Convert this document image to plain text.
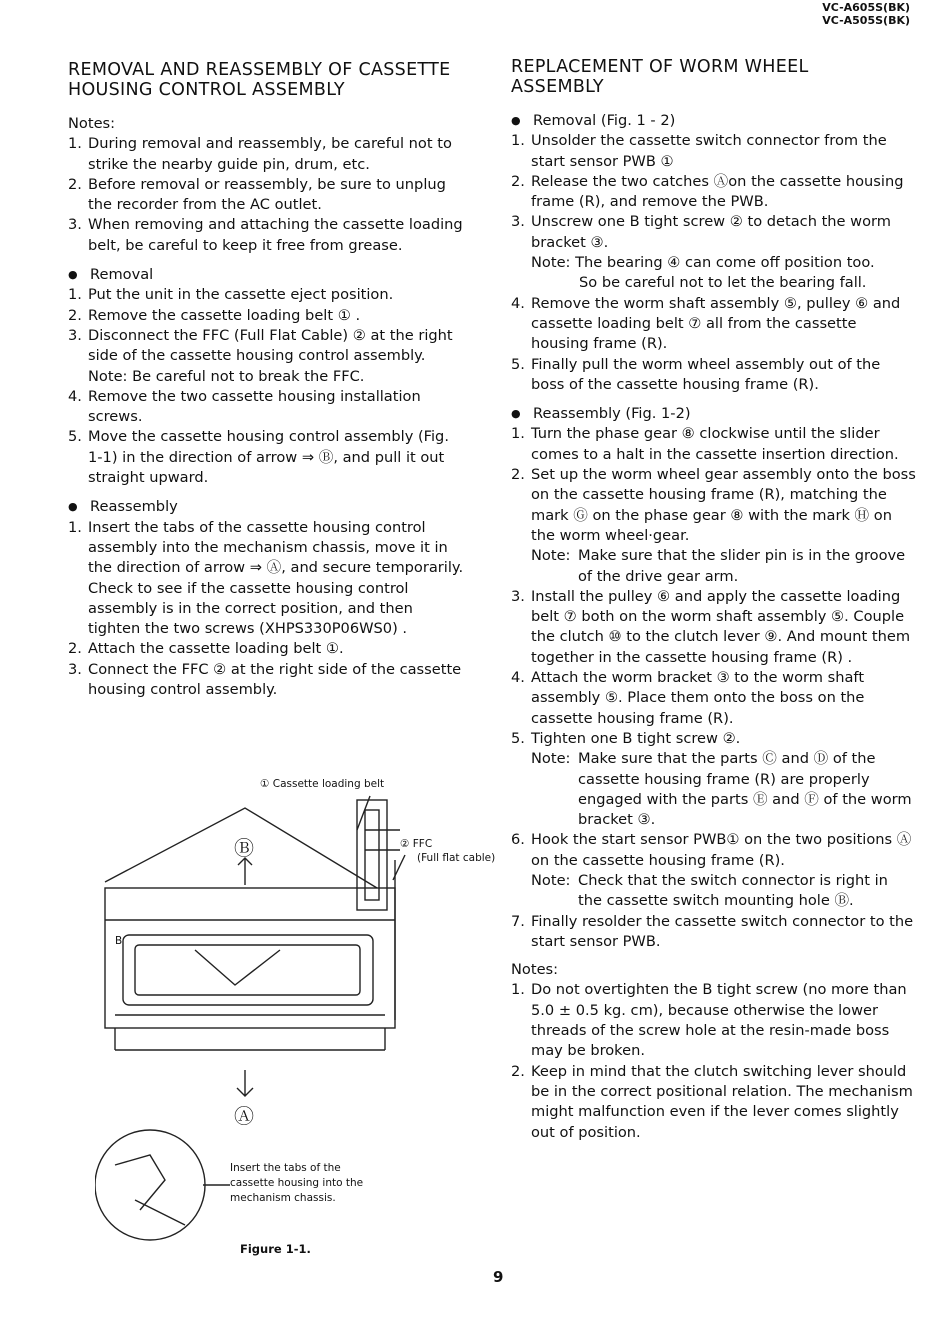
VC-A605S(BK)
VC-A505S(BK)
REMOVAL AND REASSEMBLY OF CASSETTE
HOUSING CONTROL ASSEMBLY

Notes:

1. During removal and reassembly, be careful not to strike the nearby guide pin, drum, etc.

2. Before removal or reassembly, be sure to unplug the recorder from the AC outlet.

3. When removing and attaching the cassette loading belt, be careful to keep it free from grease.

● Removal

1. Put the unit in the cassette eject position.

2. Remove the cassette loading belt ① .

3. Disconnect the FFC (Full Flat Cable) ② at the right side of the cassette housing control assembly.

Note: Be careful not to break the FFC.

4. Remove the two cassette housing installation screws.

5. Move the cassette housing control assembly (Fig. 1-1) in the direction of arrow ⇒ Ⓑ, and pull it out straight upward.

● Reassembly

1. Insert the tabs of the cassette housing control assembly into the mechanism chassis, move it in the direction of arrow ⇒ Ⓐ, and secure temporarily.

Check to see if the cassette housing control assembly is in the correct position, and then tighten the two screws (XHPS330P06WS0) .

2. Attach the cassette loading belt ①.

3. Connect the FFC ② at the right side of the cassette housing control assembly.

① Cassette loading belt
② FFC
(Full flat cable)
Ⓑ
Ⓐ
B
Insert the tabs of the
cassette housing into the
mechanism chassis.
Figure 1-1.
REPLACEMENT OF WORM WHEEL
ASSEMBLY

● Removal (Fig. 1 - 2)

1. Unsolder the cassette switch connector from the start sensor PWB ①

2. Release the two catches Ⓐon the cassette housing frame (R), and remove the PWB.

3. Unscrew one B tight screw ② to detach the worm bracket ③.

Note: The bearing ④ can come off position too.

So be careful not to let the bearing fall.

4. Remove the worm shaft assembly ⑤, pulley ⑥ and cassette loading belt ⑦ all from the cassette housing frame (R).

5. Finally pull the worm wheel assembly out of the boss of the cassette housing frame (R).

● Reassembly (Fig. 1-2)

1. Turn the phase gear ⑧ clockwise until the slider comes to a halt in the cassette insertion direction.

2. Set up the worm wheel gear assembly onto the boss on the cassette housing frame (R), matching the mark Ⓖ on the phase gear ⑧ with the mark Ⓗ on the worm wheel·gear.

Note: Make sure that the slider pin is in the groove of the drive gear arm.

3. Install the pulley ⑥ and apply the cassette loading belt ⑦ both on the worm shaft assembly ⑤. Couple the clutch ⑩ to the clutch lever ⑨. And mount them together in the cassette housing frame (R) .

4. Attach the worm bracket ③ to the worm shaft assembly ⑤. Place them onto the boss on the cassette housing frame (R).

5. Tighten one B tight screw ②.

Note: Make sure that the parts Ⓒ and Ⓓ of the cassette housing frame (R) are properly engaged with the parts Ⓔ and Ⓕ of the worm bracket ③.

6. Hook the start sensor PWB① on the two positions Ⓐ on the cassette housing frame (R).

Note: Check that the switch connector is right in the cassette switch mounting hole Ⓑ.

7. Finally resolder the cassette switch connector to the start sensor PWB.

Notes:

1. Do not overtighten the B tight screw (no more than 5.0 ± 0.5 kg. cm), because otherwise the lower threads of the screw hole at the resin-made boss may be broken.

2. Keep in mind that the clutch switching lever should be in the correct positional relation. The mechanism might malfunction even if the lever comes slightly out of position.

9
